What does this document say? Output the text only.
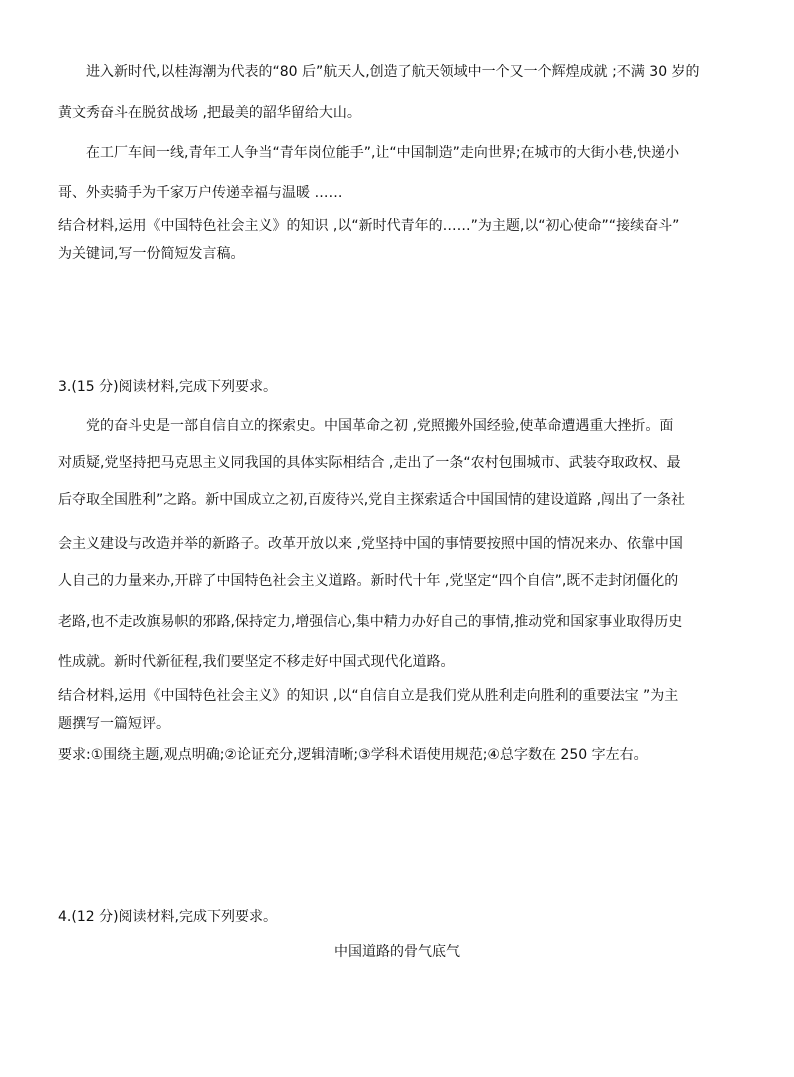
进入新时代,以桂海潮为代表的“80 后”航天人,创造了航天领域中一个又一个辉煌成就 ;不满 30 岁的
黄文秀奋斗在脱贫战场 ,把最美的韶华留给大山。
在工厂车间一线,青年工人争当“青年岗位能手”,让“中国制造”走向世界;在城市的大街小巷,快递小
哥、外卖骑手为千家万户传递幸福与温暖 ……
结合材料,运用《中国特色社会主义》的知识 ,以“新时代青年的……”为主题,以“初心使命”“接续奋斗”
为关键词,写一份简短发言稿。
3.(15 分)阅读材料,完成下列要求。
党的奋斗史是一部自信自立的探索史。中国革命之初 ,党照搬外国经验,使革命遭遇重大挫折。面
对质疑,党坚持把马克思主义同我国的具体实际相结合 ,走出了一条“农村包围城市、武装夺取政权、最
后夺取全国胜利”之路。新中国成立之初,百废待兴,党自主探索适合中国国情的建设道路 ,闯出了一条社
会主义建设与改造并举的新路子。改革开放以来 ,党坚持中国的事情要按照中国的情况来办、依靠中国
人自己的力量来办,开辟了中国特色社会主义道路。新时代十年 ,党坚定“四个自信”,既不走封闭僵化的
老路,也不走改旗易帜的邪路,保持定力,增强信心,集中精力办好自己的事情,推动党和国家事业取得历史
性成就。新时代新征程,我们要坚定不移走好中国式现代化道路。
结合材料,运用《中国特色社会主义》的知识 ,以“自信自立是我们党从胜利走向胜利的重要法宝 ”为主
题撰写一篇短评。
要求:①围绕主题,观点明确;②论证充分,逻辑清晰;③学科术语使用规范;④总字数在 250 字左右。
4.(12 分)阅读材料,完成下列要求。
中国道路的骨气底气
